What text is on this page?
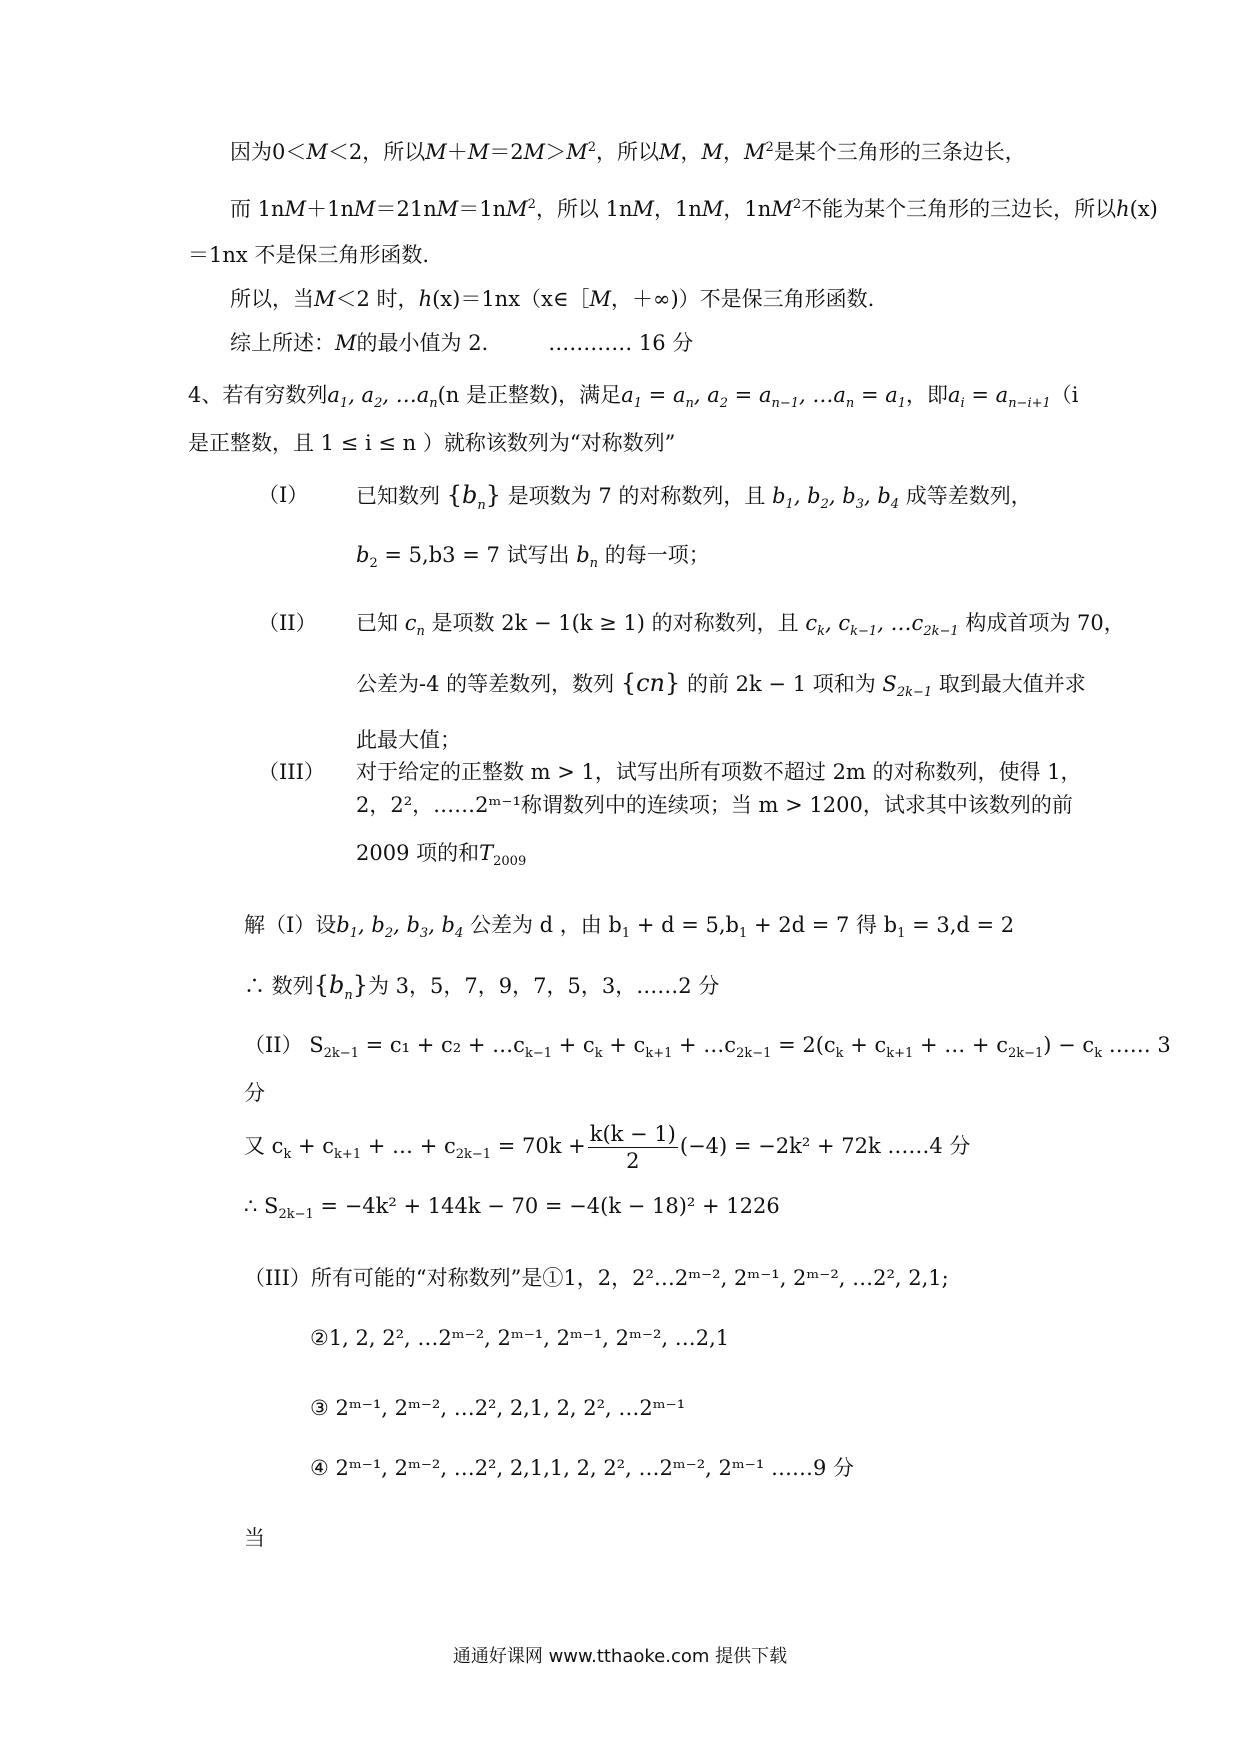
因为0＜M＜2，所以$M+M=2M>M^2$，所以M，M，$M^2$是某个三角形的三条边长，
而 $1nM+1nM=21nM=1nM^2$，所以 1nM，1nM，$1nM^2$不能为某个三角形的三边长，所以h(x)
＝1nx 不是保三角形函数.
所以，当M＜2 时，h(x)＝1nx（x∈［M，＋∞)）不是保三角形函数.
综上所述：M的最小值为 2.	………… 16 分
4、若有穷数列$a_1$, $a_2$, $\dots a_n(n$ 是正整数)，满足$a_1 = a_n$, $a_2 = a_{n-1}$, $\dots a_n = a_1$，即$a_i = a_{n-i+1}(i$
是正整数，且 1 ≤ i ≤ n ）就称该数列为“对称数列”
（I） 已知数列 $\{b_n\}$ 是项数为 7 的对称数列，且 $b_1$, $b_2$, $b_3$, $b_4$ 成等差数列，
$b_2 = 5,b3 = 7$ 试写出 $b_n$ 的每一项；
（II） 已知 $c_n$ 是项数 2k − 1(k ≥ 1) 的对称数列，且 $c_k$, $c_{k-1}$, $\dots c_{2k-1}$ 构成首项为 70，
公差为-4 的等差数列，数列 {cn} 的前 2k − 1 项和为 $S_{2k-1}$ 取到最大值并求
此最大值；
（III） 对于给定的正整数 m > 1，试写出所有项数不超过 2m 的对称数列，使得 1，
2，2²，……2ᵐ⁻¹称谓数列中的连续项；当 m > 1200，试求其中该数列的前
2009 项的和$T_{2009}$
解（I）设$b_1$, $b_2$, $b_3$, $b_4$ 公差为 d ，由 $b_1 + d = 5,b_1 + 2d = 7$ 得 $b_1 = 3,d = 2$
∴ 数列$\{b_n\}$为 3，5，7，9，7，5，3，……2 分
（II） $S_{2k-1} = c_1 + c_2$ + $\dots c_{k-1} + c_k + c_{k+1}$ + $\dots c_{2k-1} = 2(c_k + c_{k+1}$ + … + $c_{2k-1}) - c_k$ …… 3
分
又 $c_k + c_{k+1}$ + … + $c_{2k-1} = 70k + \frac{k(k - 1)}{2} (-4) = -2k^2 + 72k$ ……4 分
∴ $S_{2k-1} = -4k^2 + 144k - 70 = -4(k - 18)^2 + 1226$
（III）所有可能的“对称数列”是①1，2，2²…2ᵐ⁻², 2ᵐ⁻¹, 2ᵐ⁻², …2², 2,1;
②1, 2, 2², …2ᵐ⁻², 2ᵐ⁻¹, 2ᵐ⁻¹, 2ᵐ⁻², …2,1
③ 2ᵐ⁻¹, 2ᵐ⁻², …2², 2,1, 2, 2², …2ᵐ⁻¹
④ 2ᵐ⁻¹, 2ᵐ⁻², …2², 2,1,1, 2, 2², …2ᵐ⁻², 2ᵐ⁻¹ ……9 分
当
通通好课网 www.tthaoke.com 提供下载
